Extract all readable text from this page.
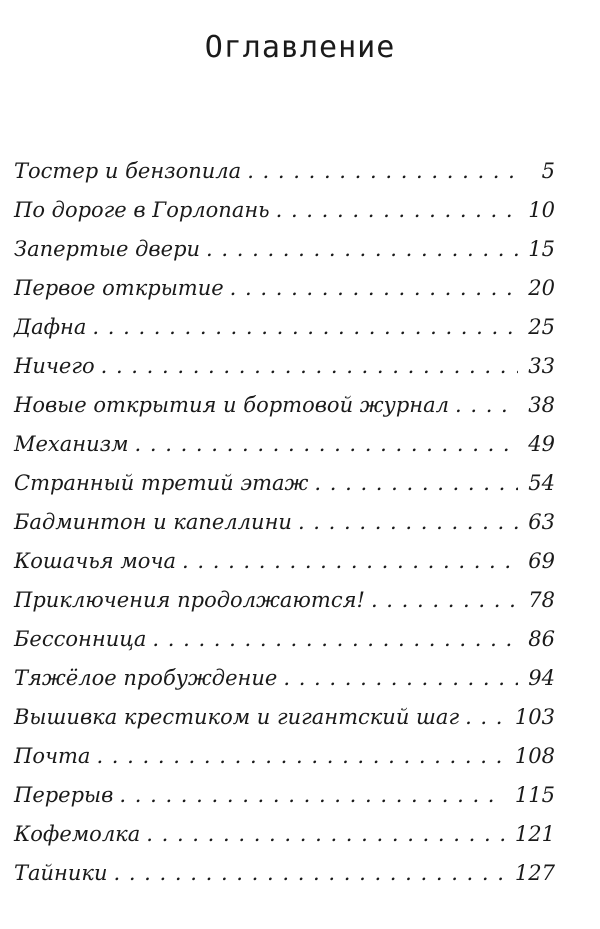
Оглавление
Тостер и бензопила . . .	5
По дороге в Горлопань . . .	10
Запертые двери . . .	15
Первое открытие . . .	20
Дафна . . .	25
Ничего . . .	33
Новые открытия и бортовой журнал . . .	38
Механизм . . .	49
Странный третий этаж . . .	54
Бадминтон и капеллини . . .	63
Кошачья моча . . .	69
Приключения продолжаются! . . .	78
Бессонница . . .	86
Тяжёлое пробуждение . . .	94
Вышивка крестиком и гигантский шаг . . .	103
Почта . . .	108
Перерыв . . .	115
Кофемолка . . .	121
Тайники . . .	127
